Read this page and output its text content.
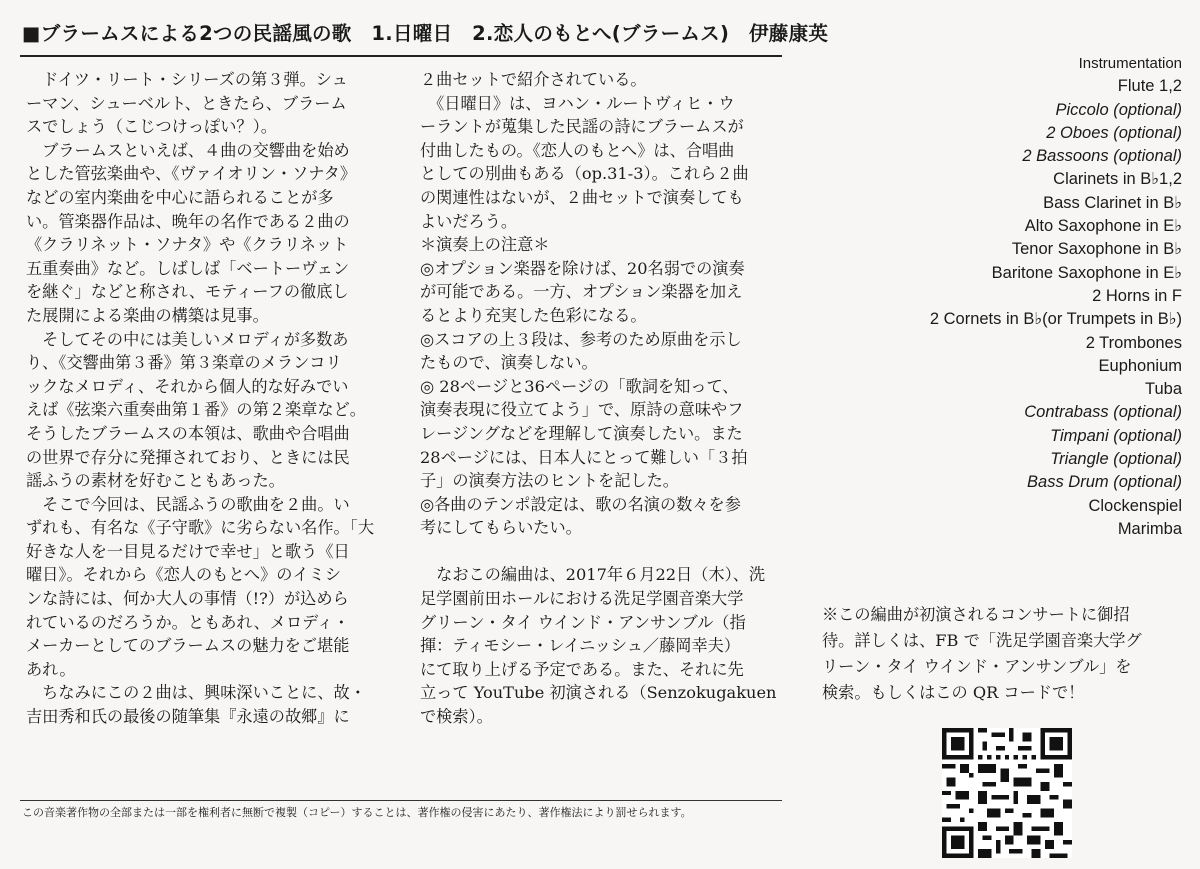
■ブラームスによる2つの民謡風の歌　1.日曜日　2.恋人のもとへ(ブラームス)　伊藤康英

　ドイツ・リート・シリーズの第３弾。シュ

ーマン、シューベルト、ときたら、ブラーム

スでしょう（こじつけっぽい？）。

　ブラームスといえば、４曲の交響曲を始め

とした管弦楽曲や、《ヴァイオリン・ソナタ》

などの室内楽曲を中心に語られることが多

い。管楽器作品は、晩年の名作である２曲の

《クラリネット・ソナタ》や《クラリネット

五重奏曲》など。しばしば「ベートーヴェン

を継ぐ」などと称され、モティーフの徹底し

た展開による楽曲の構築は見事。

　そしてその中には美しいメロディが多数あ

り、《交響曲第３番》第３楽章のメランコリ

ックなメロディ、それから個人的な好みでい

えば《弦楽六重奏曲第１番》の第２楽章など。

そうしたブラームスの本領は、歌曲や合唱曲

の世界で存分に発揮されており、ときには民

謡ふうの素材を好むこともあった。

　そこで今回は、民謡ふうの歌曲を２曲。い

ずれも、有名な《子守歌》に劣らない名作。「大

好きな人を一目見るだけで幸せ」と歌う《日

曜日》。それから《恋人のもとへ》のイミシ

ンな詩には、何か大人の事情（!?）が込めら

れているのだろうか。ともあれ、メロディ・

メーカーとしてのブラームスの魅力をご堪能

あれ。

　ちなみにこの２曲は、興味深いことに、故・

吉田秀和氏の最後の随筆集『永遠の故郷』に

２曲セットで紹介されている。

　《日曜日》は、ヨハン・ルートヴィヒ・ウ

ーラントが蒐集した民謡の詩にブラームスが

付曲したもの。《恋人のもとへ》は、合唱曲

としての別曲もある（op.31-3）。これら２曲

の関連性はないが、２曲セットで演奏しても

よいだろう。

＊演奏上の注意＊

◎オプション楽器を除けば、20名弱での演奏

が可能である。一方、オプション楽器を加え

るとより充実した色彩になる。

◎スコアの上３段は、参考のため原曲を示し

たもので、演奏しない。

◎ 28ページと36ページの「歌詞を知って、

演奏表現に役立てよう」で、原詩の意味やフ

レージングなどを理解して演奏したい。また

28ページには、日本人にとって難しい「３拍

子」の演奏方法のヒントを記した。

◎各曲のテンポ設定は、歌の名演の数々を参

考にしてもらいたい。

　なおこの編曲は、2017年６月22日（木）、洗

足学園前田ホールにおける洗足学園音楽大学

グリーン・タイ ウインド・アンサンブル（指

揮：ティモシー・レイニッシュ／藤岡幸夫）

にて取り上げる予定である。また、それに先

立って YouTube 初演される（Senzokugakuen

で検索）。

この音楽著作物の全部または一部を権利者に無断で複製（コピー）することは、著作権の侵害にあたり、著作権法により罰せられます。
Instrumentation
Flute 1,2
Piccolo (optional)
2 Oboes (optional)
2 Bassoons (optional)
Clarinets in B♭1,2
Bass Clarinet in B♭
Alto Saxophone in E♭
Tenor Saxophone in B♭
Baritone Saxophone in E♭
2 Horns in F
2 Cornets in B♭(or Trumpets in B♭)
2 Trombones
Euphonium
Tuba
Contrabass (optional)
Timpani (optional)
Triangle (optional)
Bass Drum (optional)
Clockenspiel
Marimba

※この編曲が初演されるコンサートに御招

待。詳しくは、FB で「洗足学園音楽大学グ

リーン・タイ ウインド・アンサンブル」を

検索。もしくはこの QR コードで！
